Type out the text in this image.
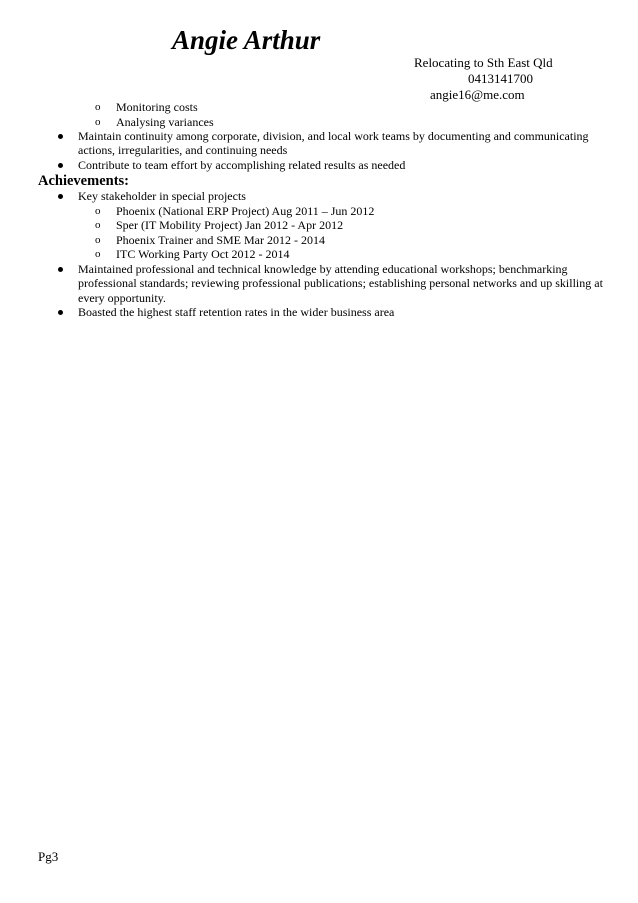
Angie Arthur
Relocating to Sth East Qld
0413141700
angie16@me.com
o Monitoring costs
o Analysing variances
Maintain continuity among corporate, division, and local work teams by documenting and communicating actions, irregularities, and continuing needs
Contribute to team effort by accomplishing related results as needed
Achievements:
Key stakeholder in special projects
o Phoenix (National ERP Project) Aug 2011 – Jun 2012
o Sper (IT Mobility Project) Jan 2012 - Apr 2012
o Phoenix Trainer and SME Mar 2012 - 2014
o ITC Working Party Oct 2012 - 2014
Maintained professional and technical knowledge by attending educational workshops; benchmarking professional standards; reviewing professional publications; establishing personal networks and up skilling at every opportunity.
Boasted the highest staff retention rates in the wider business area
Pg3
